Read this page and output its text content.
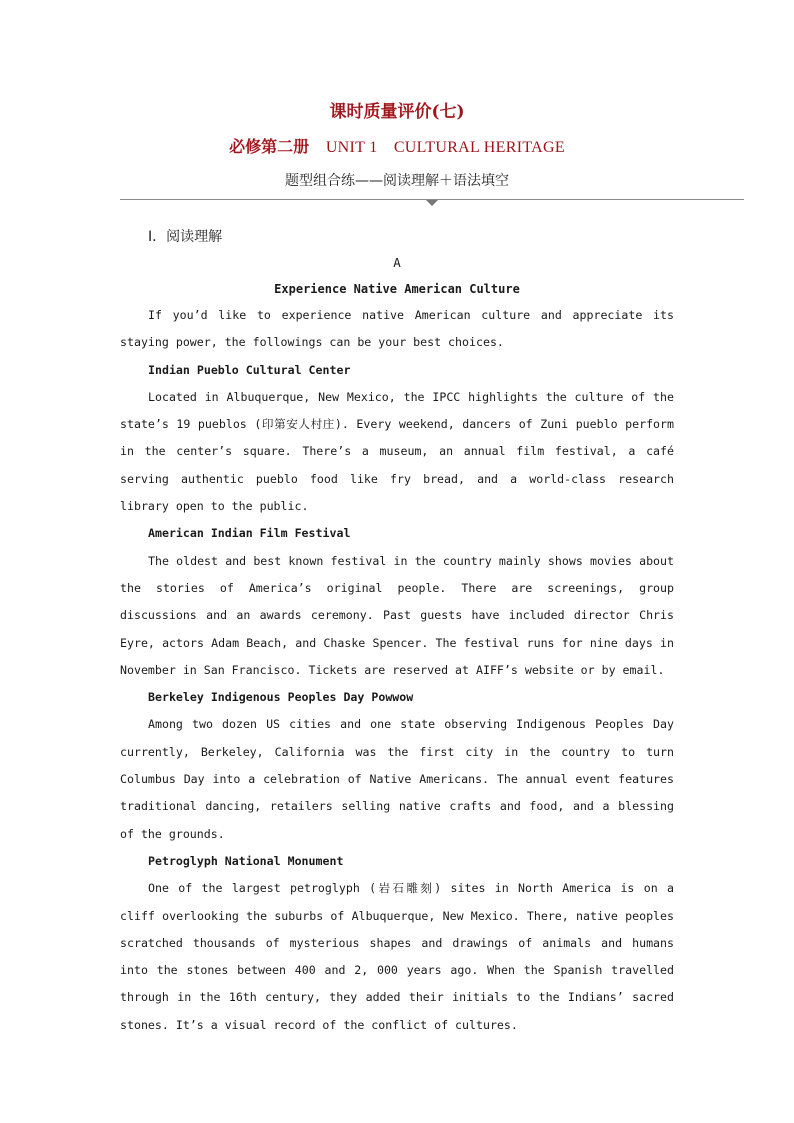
课时质量评价(七)
必修第二册 UNIT 1　CULTURAL HERITAGE
题型组合练——阅读理解＋语法填空
Ⅰ．阅读理解
A
Experience Native American Culture

If you’d like to experience native American culture and appreciate its staying power, the followings can be your best choices.

Indian Pueblo Cultural Center

Located in Albuquerque, New Mexico, the IPCC highlights the culture of the state’s 19 pueblos (印第安人村庄). Every weekend, dancers of Zuni pueblo perform in the center’s square. There’s a museum, an annual film festival, a café serving authentic pueblo food like fry bread, and a world-class research library open to the public.

American Indian Film Festival

The oldest and best known festival in the country mainly shows movies about the stories of America’s original people. There are screenings, group discussions and an awards ceremony. Past guests have included director Chris Eyre, actors Adam Beach, and Chaske Spencer. The festival runs for nine days in November in San Francisco. Tickets are reserved at AIFF’s website or by email.

Berkeley Indigenous Peoples Day Powwow

Among two dozen US cities and one state observing Indigenous Peoples Day currently, Berkeley, California was the first city in the country to turn Columbus Day into a celebration of Native Americans. The annual event features traditional dancing, retailers selling native crafts and food, and a blessing of the grounds.

Petroglyph National Monument

One of the largest petroglyph (岩石雕刻) sites in North America is on a cliff overlooking the suburbs of Albuquerque, New Mexico. There, native peoples scratched thousands of mysterious shapes and drawings of animals and humans into the stones between 400 and 2, 000 years ago. When the Spanish travelled through in the 16th century, they added their initials to the Indians’ sacred stones. It’s a visual record of the conflict of cultures.
